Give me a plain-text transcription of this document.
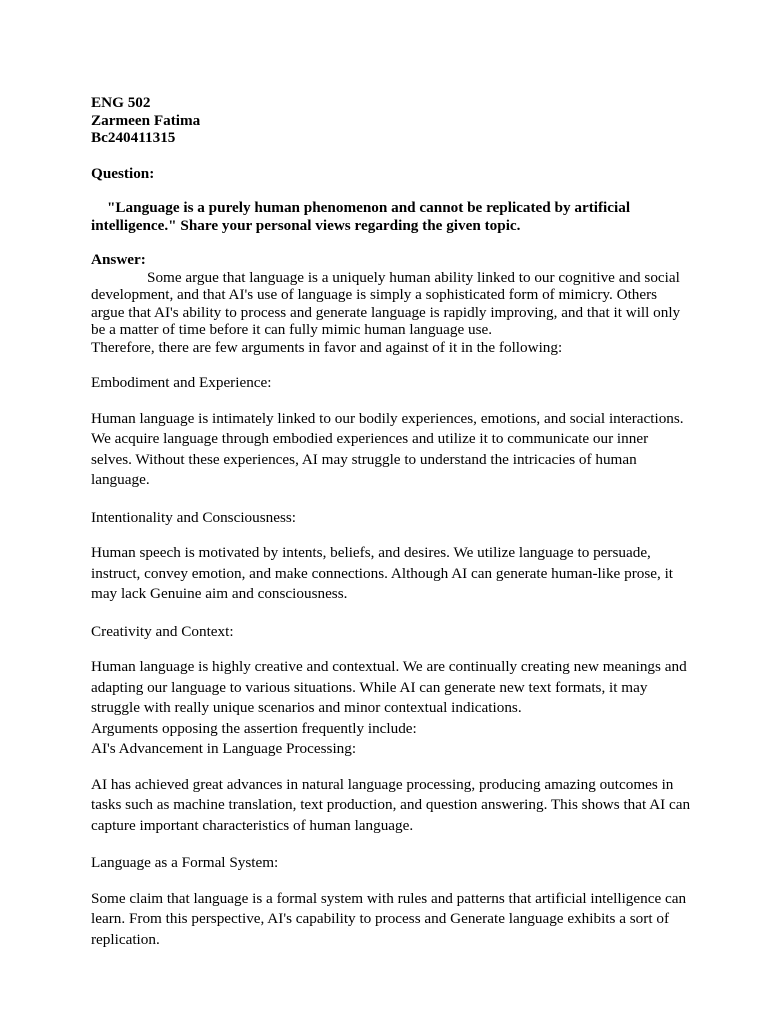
ENG 502

Zarmeen Fatima

Bc240411315

Question:

"Language is a purely human phenomenon and cannot be replicated by artificial intelligence." Share your personal views regarding the given topic.

Answer:
Some argue that language is a uniquely human ability linked to our cognitive and social development, and that AI's use of language is simply a sophisticated form of mimicry. Others argue that AI's ability to process and generate language is rapidly improving, and that it will only be a matter of time before it can fully mimic human language use.
Therefore, there are few arguments in favor and against of it in the following:

Embodiment and Experience:

Human language is intimately linked to our bodily experiences, emotions, and social interactions. We acquire language through embodied experiences and utilize it to communicate our inner selves. Without these experiences, AI may struggle to understand the intricacies of human language.

Intentionality and Consciousness:

Human speech is motivated by intents, beliefs, and desires. We utilize language to persuade, instruct, convey emotion, and make connections. Although AI can generate human-like prose, it may lack Genuine aim and consciousness.

Creativity and Context:

Human language is highly creative and contextual. We are continually creating new meanings and adapting our language to various situations. While AI can generate new text formats, it may struggle with really unique scenarios and minor contextual indications.

Arguments opposing the assertion frequently include:

AI's Advancement in Language Processing:

AI has achieved great advances in natural language processing, producing amazing outcomes in tasks such as machine translation, text production, and question answering. This shows that AI can capture important characteristics of human language.

Language as a Formal System:

Some claim that language is a formal system with rules and patterns that artificial intelligence can learn. From this perspective, AI's capability to process and Generate language exhibits a sort of replication.
